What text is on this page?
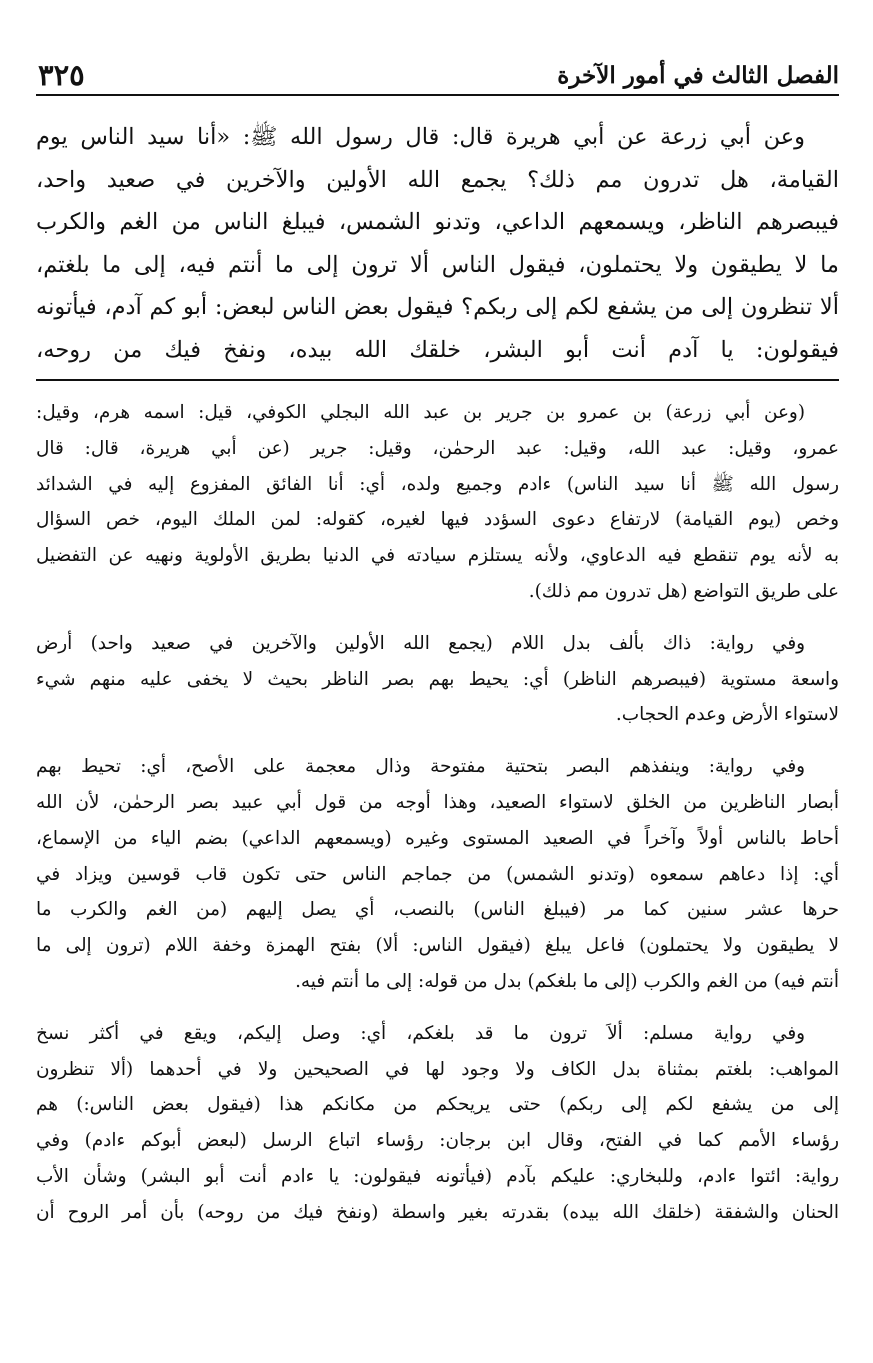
٣٢٥	الفصل الثالث في أمور الآخرة
وعن أبي زرعة عن أبي هريرة قال: قال رسول الله ﷺ: «أنا سيد الناس يوم
القيامة، هل تدرون مم ذلك؟ يجمع الله الأولين والآخرين في صعيد واحد،
فيبصرهم الناظر، ويسمعهم الداعي، وتدنو الشمس، فيبلغ الناس من الغم والكرب
ما لا يطيقون ولا يحتملون، فيقول الناس ألا ترون إلى ما أنتم فيه، إلى ما بلغتم،
ألا تنظرون إلى من يشفع لكم إلى ربكم؟ فيقول بعض الناس لبعض: أبو كم آدم، فيأتونه
فيقولون: يا آدم أنت أبو البشر، خلقك الله بيده، ونفخ فيك من روحه،
(وعن أبي زرعة) بن عمرو بن جرير بن عبد الله البجلي الكوفي، قيل: اسمه هرم، وقيل:
عمرو، وقيل: عبد الله، وقيل: عبد الرحمٰن، وقيل: جرير (عن أبي هريرة، قال: قال
رسول الله ﷺ أنا سيد الناس) ءادم وجميع ولده، أي: أنا الفائق المفزوع إليه في الشدائد
وخص (يوم القيامة) لارتفاع دعوى السؤدد فيها لغيره، كقوله: لمن الملك اليوم، خص السؤال
به لأنه يوم تنقطع فيه الدعاوي، ولأنه يستلزم سيادته في الدنيا بطريق الأولوية ونهيه عن التفضيل
على طريق التواضع (هل تدرون مم ذلك).
وفي رواية: ذاك بألف بدل اللام (يجمع الله الأولين والآخرين في صعيد واحد) أرض
واسعة مستوية (فيبصرهم الناظر) أي: يحيط بهم بصر الناظر بحيث لا يخفى عليه منهم شيء
لاستواء الأرض وعدم الحجاب.
وفي رواية: وينفذهم البصر بتحتية مفتوحة وذال معجمة على الأصح، أي: تحيط بهم
أبصار الناظرين من الخلق لاستواء الصعيد، وهذا أوجه من قول أبي عبيد بصر الرحمٰن، لأن الله
أحاط بالناس أولاً وآخراً في الصعيد المستوى وغيره (ويسمعهم الداعي) بضم الياء من الإسماع،
أي: إذا دعاهم سمعوه (وتدنو الشمس) من جماجم الناس حتى تكون قاب قوسين ويزاد في
حرها عشر سنين كما مر (فيبلغ الناس) بالنصب، أي يصل إليهم (من الغم والكرب ما
لا يطيقون ولا يحتملون) فاعل يبلغ (فيقول الناس: ألا) بفتح الهمزة وخفة اللام (ترون إلى ما
أنتم فيه) من الغم والكرب (إلى ما بلغكم) بدل من قوله: إلى ما أنتم فيه.
وفي رواية مسلم: ألاَ ترون ما قد بلغكم، أي: وصل إليكم، ويقع في أكثر نسخ
المواهب: بلغتم بمثناة بدل الكاف ولا وجود لها في الصحيحين ولا في أحدهما (ألا تنظرون
إلى من يشفع لكم إلى ربكم) حتى يريحكم من مكانكم هذا (فيقول بعض الناس:) هم
رؤساء الأمم كما في الفتح، وقال ابن برجان: رؤساء اتباع الرسل (لبعض أبوكم ءادم) وفي
رواية: ائتوا ءادم، وللبخاري: عليكم بآدم (فيأتونه فيقولون: يا ءادم أنت أبو البشر) وشأن الأب
الحنان والشفقة (خلقك الله بيده) بقدرته بغير واسطة (ونفخ فيك من روحه) بأن أمر الروح أن
